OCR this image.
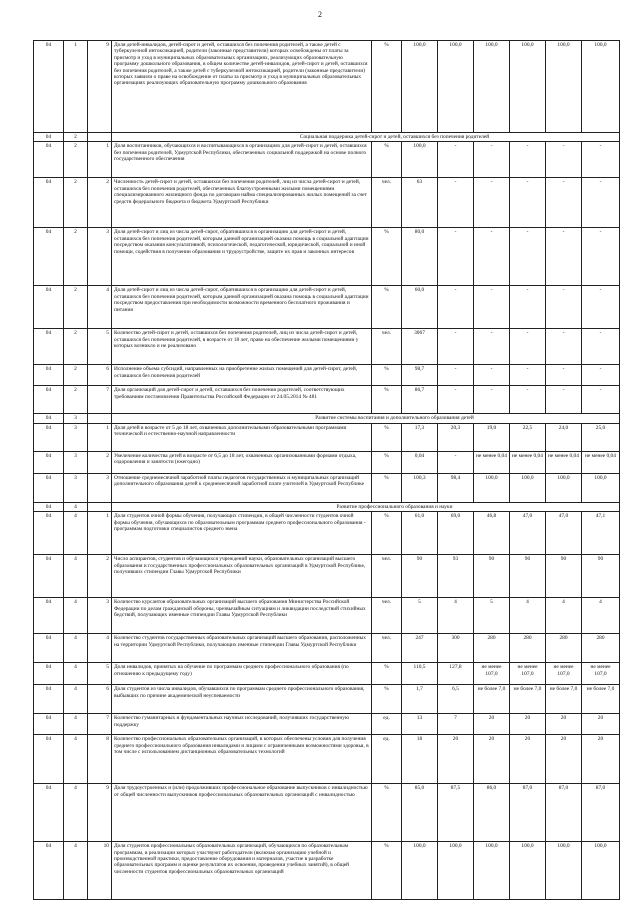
2
04	1	9	Доля детей-инвалидов, детей-сирот и детей, оставшихся без попечения родителей, а также детей с туберкулезной интоксикацией, родители (законные представители) которых освобождены от платы за присмотр и уход в муниципальных образовательных организациях, реализующих образовательную программу дошкольного образования, в общем количестве детей-инвалидов, детей-сирот и детей, оставшихся без попечения родителей, а также детей с туберкулезной интоксикацией, родители (законные представители) которых заявили о праве на освобождение от платы за присмотр и уход в муниципальных образовательных организациях реализующих образовательную программу дошкольного образования	%	100,0	100,0	100,0	100,0	100,0	100,0
04	2		Социальная поддержка детей-сирот и детей, оставшихся без попечения родителей							
04	2	1	Доля воспитанников, обучающихся и воспитывающихся в организациях для детей-сирот и детей, оставшихся без попечения родителей, Удмуртской Республики, обеспеченных социальной поддержкой на основе полного государственного обеспечения	%	100,0	-	-	-	-	-
04	2	2	Численность детей-сирот и детей, оставшихся без попечения родителей, лиц из числа детей-сирот и детей, оставшихся без попечения родителей, обеспеченных благоустроенными жилыми помещениями специализированного жилищного фонда по договорам найма специализированных жилых помещений за счет средств федерального бюджета и бюджета Удмуртской Республики	чел.	63	-	-	-	-	-
04	2	3	Доля детей-сирот и лиц из числа детей-сирот, обратившихся в организацию для детей-сирот и детей, оставшихся без попечения родителей, которым данной организацией оказана помощь в социальной адаптации посредством оказания консультативной, психологической, педагогической, юридической, социальной и иной помощи, содействия в получении образования и трудоустройстве, защите их прав и законных интересов	%	80,0	-	-	-	-	-
04	2	4	Доля детей-сирот и лиц из числа детей-сирот, обратившихся в организацию для детей-сирот и детей, оставшихся без попечения родителей, которым данной организацией оказана помощь в социальной адаптации посредством предоставления при необходимости возможности временного бесплатного проживания и питания	%	60,0	-	-	-	-	-
04	2	5	Количество детей-сирот и детей, оставшихся без попечения родителей, лиц из числа детей-сирот и детей, оставшихся без попечения родителей, в возрасте от 18 лет, право на обеспечение жилыми помещениями у которых возникло и не реализовано	чел.	3067	-	-	-	-	-
04	2	6	Исполнение объема субсидий, направленных на приобретение жилых помещений для детей-сирот, детей, оставшихся без попечения родителей	%	98,7	-	-	-	-	-
04	2	7	Доля организаций для детей-сирот и детей, оставшихся без попечения родителей, соответствующих требованиям постановления Правительства Российской Федерации от 24.05.2014 № 481	%	86,7	-	-	-	-	-
04	3		Развитие системы воспитания и дополнительного образования детей							
04	3	1	Доля детей в возрасте от 5 до 18 лет, охваченных дополнительными образовательными программами технической и естественно-научной направленности	%	17,3	20,3	19,0	22,5	24,0	25,0
04	3	2	Увеличение количества детей в возрасте от 6,5 до 18 лет, охваченных организованными формами отдыха, оздоровления и занятости (ежегодно)	%	0,04	-	не менее 0,04	не менее 0,04	не менее 0,04	не менее 0,04
04	3	3	Отношение среднемесячной заработной платы педагогов государственных и муниципальных организаций дополнительного образования детей к среднемесячной заработной плате учителей в Удмуртской Республике	%	100,3	98,4	100,0	100,0	100,0	100,0
04	4		Развитие профессионального образования и науки							
04	4	1	Доля студентов очной формы обучения, получающих стипендии, в общей численности студентов очной формы обучения, обучающихся по образовательным программам среднего профессионального образования - программам подготовки специалистов среднего звена	%	61,0	69,0	46,8	47,0	47,0	47,1
04	4	2	Число аспирантов, студентов и обучающихся учреждений науки, образовательных организаций высшего образования и государственных профессиональных образовательных организаций в Удмуртской Республике, получивших стипендии Главы Удмуртской Республики	чел.	90	93	90	90	90	90
04	4	3	Количество курсантов образовательных организаций высшего образования Министерства Российской Федерации по делам гражданской обороны, чрезвычайным ситуациям и ликвидации последствий стихийных бедствий, получающих именные стипендии Главы Удмуртской Республики	чел.	5	4	5	4	4	4
04	4	4	Количество студентов государственных образовательных организаций высшего образования, расположенных на территории Удмуртской Республики, получающих именные стипендии Главы Удмуртской Республики	чел.	247	300	280	280	280	280
04	4	5	Доля инвалидов, принятых на обучение по программам среднего профессионального образования (по отношению к предыдущему году)	%	110,5	127,8	не менее 107,0	не менее 107,0	не менее 107,0	не менее 107,0
04	4	6	Доля студентов из числа инвалидов, обучавшихся по программам среднего профессионального образования, выбывших по причине академической неуспеваемости	%	1,7	6,5	не более 7,0	не более 7,0	не более 7,0	не более 7,0
04	4	7	Количество гуманитарных и фундаментальных научных исследований, получивших государственную поддержку	ед.	13	7	20	20	20	20
04	4	8	Количество профессиональных образовательных организаций, в которых обеспечены условия для получения среднего профессионального образования инвалидами и лицами с ограниченными возможностями здоровья, в том числе с использованием дистанционных образовательных технологий	ед.	18	20	20	20	20	20
04	4	9	Доля трудоустроенных и (или) продолживших профессиональное образование выпускников с инвалидностью от общей численности выпускников профессиональных образовательных организаций с инвалидностью	%	85,0	87,5	86,0	87,0	87,0	87,0
04	4	10	Доля студентов профессиональных образовательных организаций, обучающихся по образовательным программам, в реализации которых участвуют работодатели (включая организацию учебной и производственной практики, предоставление оборудования и материалов, участие в разработке образовательных программ и оценке результатов их освоения, проведении учебных занятий), в общей численности студентов профессиональных образовательных организаций	%	100,0	100,0	100,0	100,0	100,0	100,0
